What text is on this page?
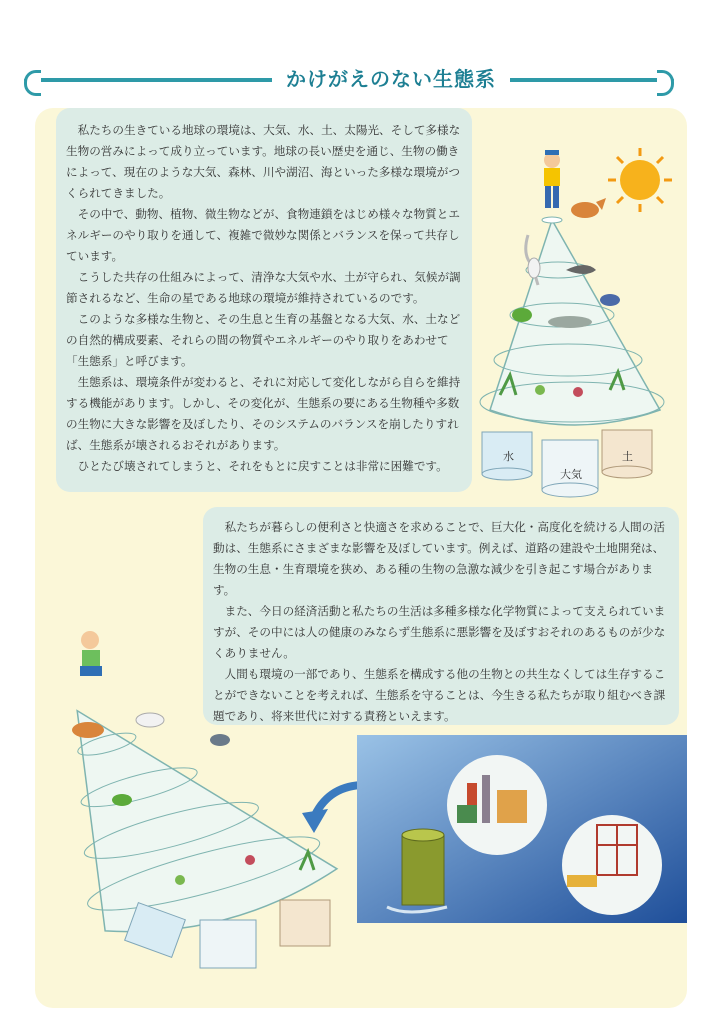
かけがえのない生態系

私たちの生きている地球の環境は、大気、水、土、太陽光、そして多様な生物の営みによって成り立っています。地球の長い歴史を通じ、生物の働きによって、現在のような大気、森林、川や湖沼、海といった多様な環境がつくられてきました。

その中で、動物、植物、微生物などが、食物連鎖をはじめ様々な物質とエネルギーのやり取りを通して、複雑で微妙な関係とバランスを保って共存しています。

こうした共存の仕組みによって、清浄な大気や水、土が守られ、気候が調節されるなど、生命の星である地球の環境が維持されているのです。

このような多様な生物と、その生息と生育の基盤となる大気、水、土などの自然的構成要素、それらの間の物質やエネルギーのやり取りをあわせて「生態系」と呼びます。

生態系は、環境条件が変わると、それに対応して変化しながら自らを維持する機能があります。しかし、その変化が、生態系の要にある生物種や多数の生物に大きな影響を及ぼしたり、そのシステムのバランスを崩したりすれば、生態系が壊されるおそれがあります。

ひとたび壊されてしまうと、それをもとに戻すことは非常に困難です。

水
大気
土

私たちが暮らしの便利さと快適さを求めることで、巨大化・高度化を続ける人間の活動は、生態系にさまざまな影響を及ぼしています。例えば、道路の建設や土地開発は、生物の生息・生育環境を狭め、ある種の生物の急激な減少を引き起こす場合があります。

また、今日の経済活動と私たちの生活は多種多様な化学物質によって支えられていますが、その中には人の健康のみならず生態系に悪影響を及ぼすおそれのあるものが少なくありません。

人間も環境の一部であり、生態系を構成する他の生物との共生なくしては生存することができないことを考えれば、生態系を守ることは、今生きる私たちが取り組むべき課題であり、将来世代に対する責務といえます。
